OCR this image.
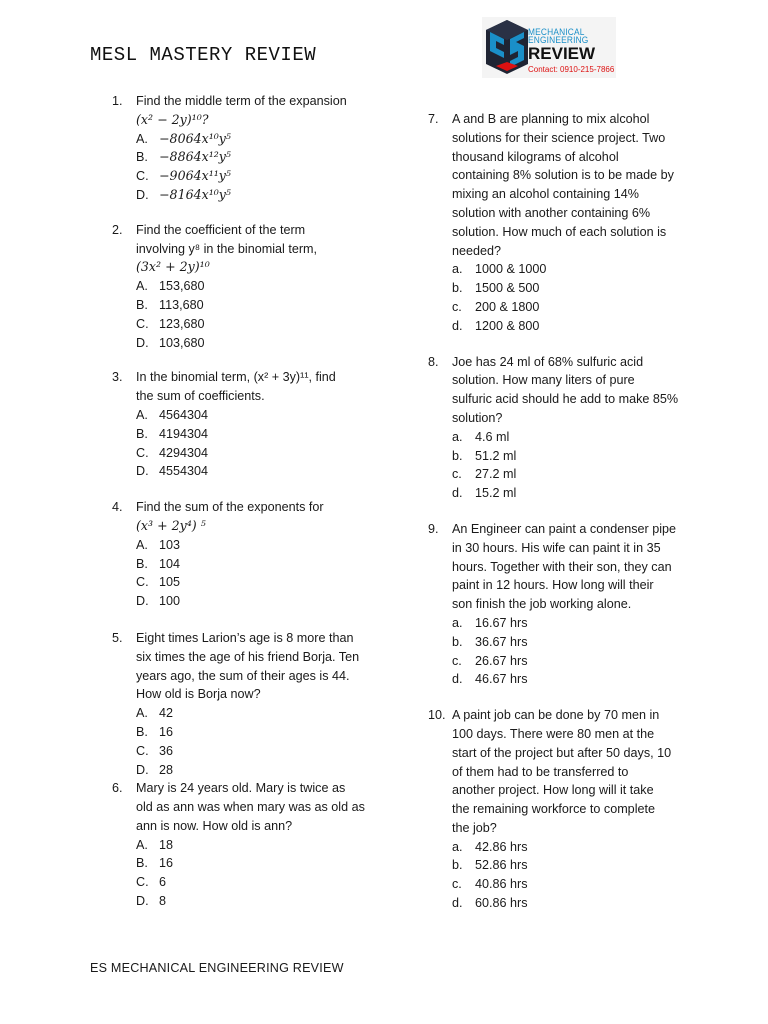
MESL MASTERY REVIEW
MECHANICAL
ENGINEERING
REVIEW
Contact: 0910-215-7866
1.	Find the middle term of the expansion
(x² − 2y)¹⁰?
A. −8064x¹⁰y⁵
B. −8864x¹²y⁵
C. −9064x¹¹y⁵
D. −8164x¹⁰y⁵
2.	Find the coefficient of the term
involving y⁸ in the binomial term,
(3x² + 2y)¹⁰
A. 153,680
B. 113,680
C. 123,680
D. 103,680
3.	In the binomial term, (x² + 3y)¹¹, find
the sum of coefficients.
A. 4564304
B. 4194304
C. 4294304
D. 4554304
4.	Find the sum of the exponents for
(x³ + 2y⁴) ⁵
A. 103
B. 104
C. 105
D. 100
5.	Eight times Larion’s age is 8 more than
six times the age of his friend Borja. Ten
years ago, the sum of their ages is 44.
How old is Borja now?
A. 42
B. 16
C. 36
D. 28
6.	Mary is 24 years old. Mary is twice as
old as ann was when mary was as old as
ann is now. How old is ann?
A. 18
B. 16
C. 6
D. 8
7.	A and B are planning to mix alcohol
solutions for their science project. Two
thousand kilograms of alcohol
containing 8% solution is to be made by
mixing an alcohol containing 14%
solution with another containing 6%
solution. How much of each solution is
needed?
a. 1000 & 1000
b. 1500 & 500
c.	200 & 1800
d. 1200 & 800
8.	Joe has 24 ml of 68% sulfuric acid
solution. How many liters of pure
sulfuric acid should he add to make 85%
solution?
a. 4.6 ml
b. 51.2 ml
c.	27.2 ml
d. 15.2 ml
9.	An Engineer can paint a condenser pipe
in 30 hours. His wife can paint it in 35
hours. Together with their son, they can
paint in 12 hours. How long will their
son finish the job working alone.
a. 16.67 hrs
b. 36.67 hrs
c.	26.67 hrs
d. 46.67 hrs
10. A paint job can be done by 70 men in
100 days. There were 80 men at the
start of the project but after 50 days, 10
of them had to be transferred to
another project. How long will it take
the remaining workforce to complete
the job?
a. 42.86 hrs
b. 52.86 hrs
c.	40.86 hrs
d. 60.86 hrs
ES MECHANICAL ENGINEERING REVIEW
